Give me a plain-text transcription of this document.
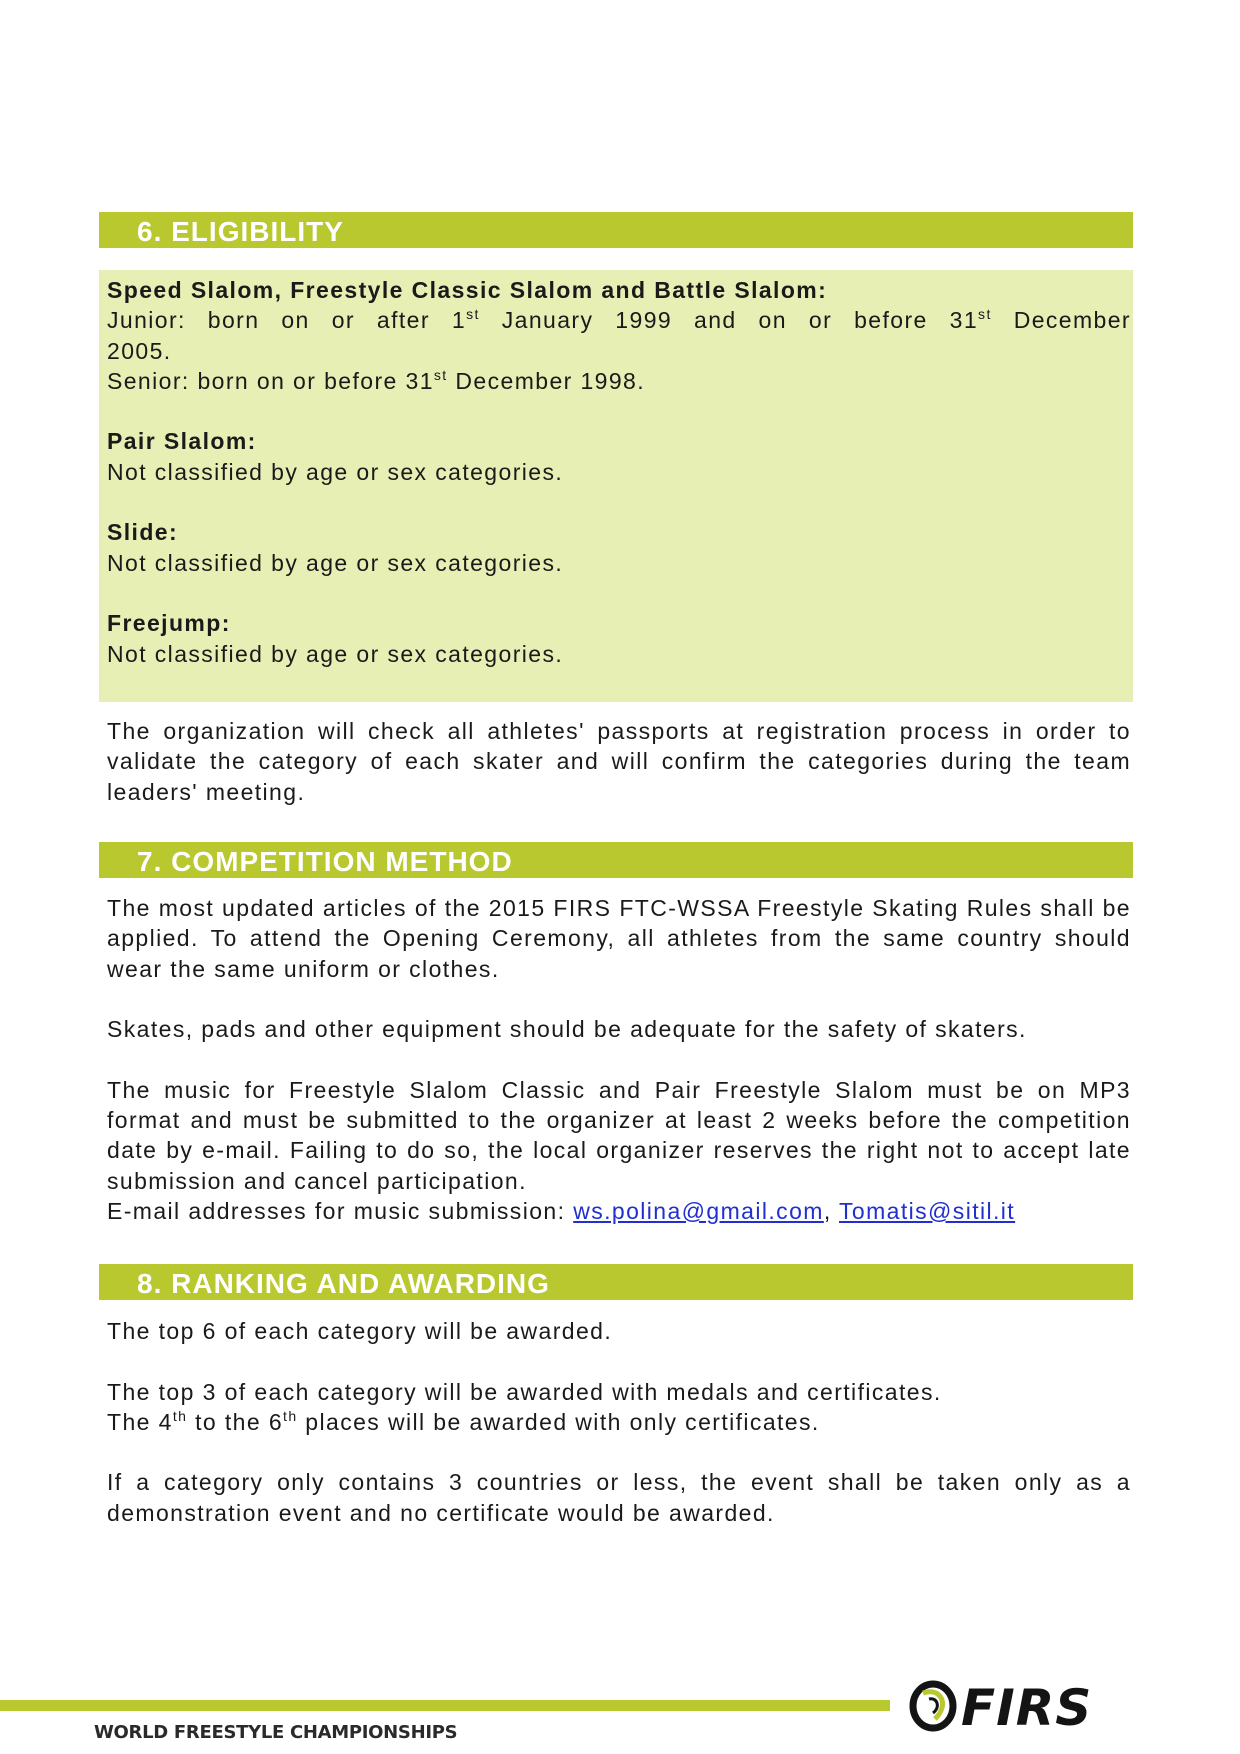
6. ELIGIBILITY
Speed Slalom, Freestyle Classic Slalom and Battle Slalom:
Junior: born on or after 1st January 1999 and on or before 31st December
2005.
Senior: born on or before 31st December 1998.
Pair Slalom:
Not classified by age or sex categories.
Slide:
Not classified by age or sex categories.
Freejump:
Not classified by age or sex categories.
The organization will check all athletes' passports at registration process in order to validate the category of each skater and will confirm the categories during the team leaders' meeting.
7. COMPETITION METHOD
The most updated articles of the 2015 FIRS FTC-WSSA Freestyle Skating Rules shall be applied. To attend the Opening Ceremony, all athletes from the same country should wear the same uniform or clothes.
Skates, pads and other equipment should be adequate for the safety of skaters.
The music for Freestyle Slalom Classic and Pair Freestyle Slalom must be on MP3 format and must be submitted to the organizer at least 2 weeks before the competition date by e-mail. Failing to do so, the local organizer reserves the right not to accept late submission and cancel participation.
E-mail addresses for music submission: ws.polina@gmail.com, Tomatis@sitil.it
8. RANKING AND AWARDING
The top 6 of each category will be awarded.
The top 3 of each category will be awarded with medals and certificates.
The 4th to the 6th places will be awarded with only certificates.
If a category only contains 3 countries or less, the event shall be taken only as a demonstration event and no certificate would be awarded.
WORLD FREESTYLE CHAMPIONSHIPS	FIRS
